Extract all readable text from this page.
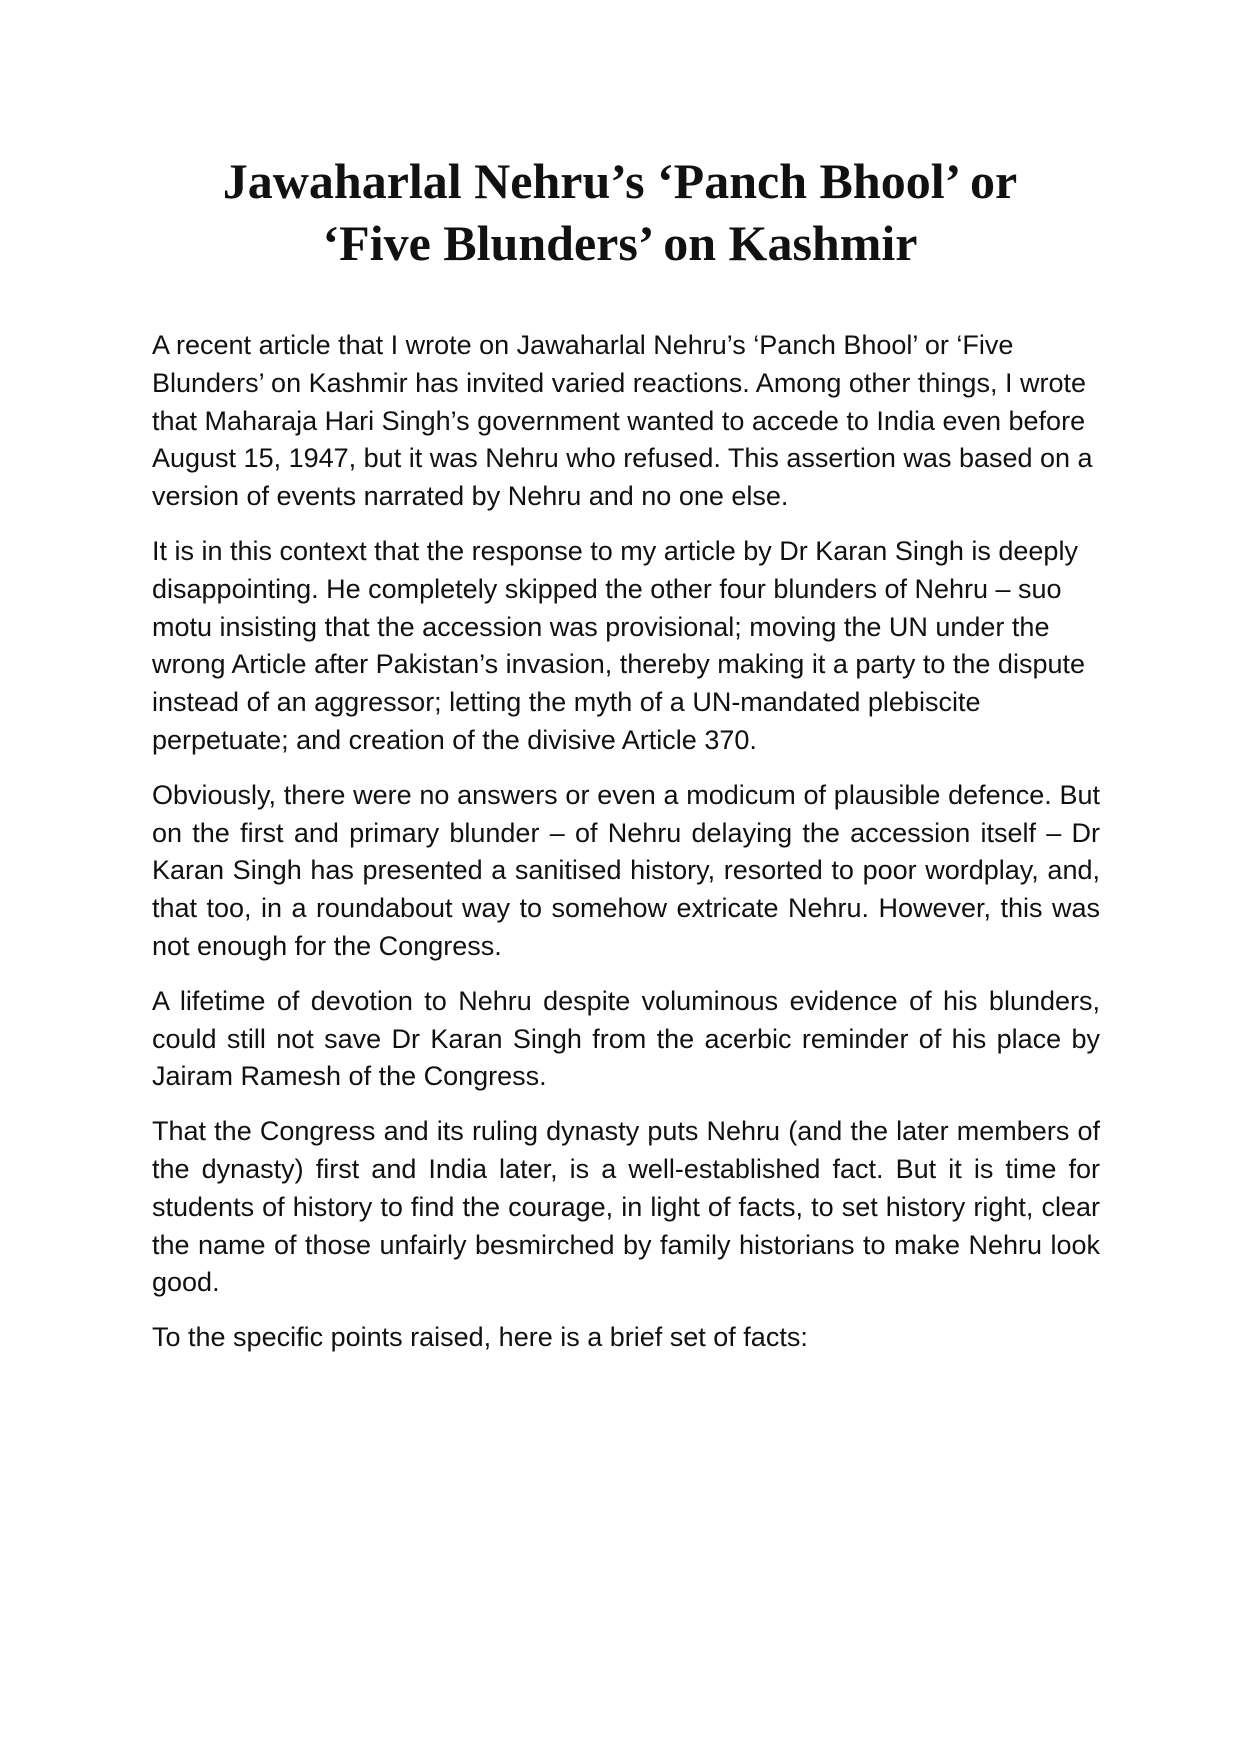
Jawaharlal Nehru’s ‘Panch Bhool’ or
‘Five Blunders’ on Kashmir

A recent article that I wrote on Jawaharlal Nehru’s ‘Panch Bhool’ or ‘Five Blunders’ on Kashmir has invited varied reactions. Among other things, I wrote that Maharaja Hari Singh’s government wanted to accede to India even before August 15, 1947, but it was Nehru who refused. This assertion was based on a version of events narrated by Nehru and no one else.

It is in this context that the response to my article by Dr Karan Singh is deeply disappointing. He completely skipped the other four blunders of Nehru – suo motu insisting that the accession was provisional; moving the UN under the wrong Article after Pakistan’s invasion, thereby making it a party to the dispute instead of an aggressor; letting the myth of a UN-mandated plebiscite perpetuate; and creation of the divisive Article 370.

Obviously, there were no answers or even a modicum of plausible defence. But on the first and primary blunder – of Nehru delaying the accession itself – Dr Karan Singh has presented a sanitised history, resorted to poor wordplay, and, that too, in a roundabout way to somehow extricate Nehru. However, this was not enough for the Congress.

A lifetime of devotion to Nehru despite voluminous evidence of his blunders, could still not save Dr Karan Singh from the acerbic reminder of his place by Jairam Ramesh of the Congress.

That the Congress and its ruling dynasty puts Nehru (and the later members of the dynasty) first and India later, is a well-established fact. But it is time for students of history to find the courage, in light of facts, to set history right, clear the name of those unfairly besmirched by family historians to make Nehru look good.

To the specific points raised, here is a brief set of facts:
